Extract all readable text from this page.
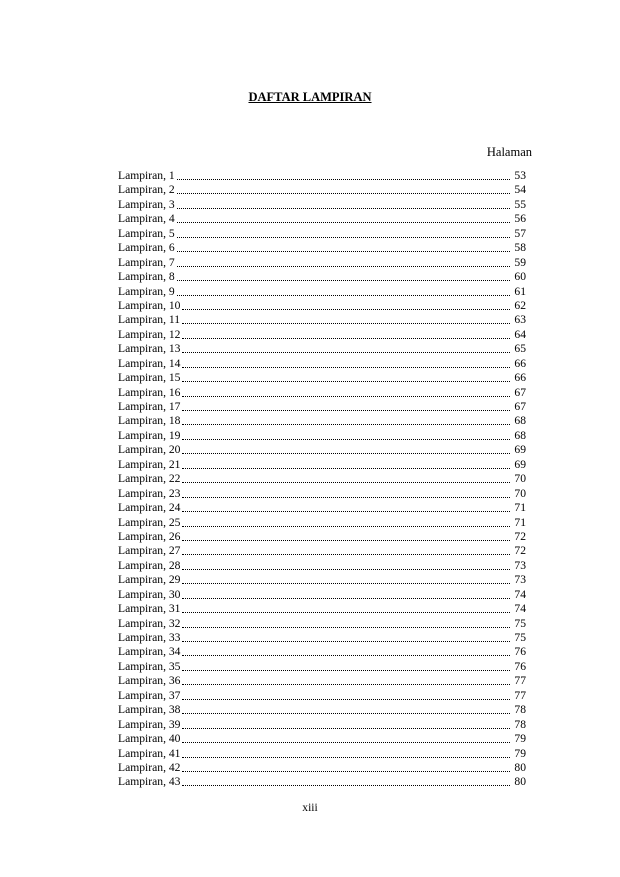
DAFTAR LAMPIRAN
Halaman
Lampiran, 1	53
Lampiran, 2	54
Lampiran, 3	55
Lampiran, 4	56
Lampiran, 5	57
Lampiran, 6	58
Lampiran, 7	59
Lampiran, 8	60
Lampiran, 9	61
Lampiran, 10	62
Lampiran, 11	63
Lampiran, 12	64
Lampiran, 13	65
Lampiran, 14	66
Lampiran, 15	66
Lampiran, 16	67
Lampiran, 17	67
Lampiran, 18	68
Lampiran, 19	68
Lampiran, 20	69
Lampiran, 21	69
Lampiran, 22	70
Lampiran, 23	70
Lampiran, 24	71
Lampiran, 25	71
Lampiran, 26	72
Lampiran, 27	72
Lampiran, 28	73
Lampiran, 29	73
Lampiran, 30	74
Lampiran, 31	74
Lampiran, 32	75
Lampiran, 33	75
Lampiran, 34	76
Lampiran, 35	76
Lampiran, 36	77
Lampiran, 37	77
Lampiran, 38	78
Lampiran, 39	78
Lampiran, 40	79
Lampiran, 41	79
Lampiran, 42	80
Lampiran, 43	80
xiii
